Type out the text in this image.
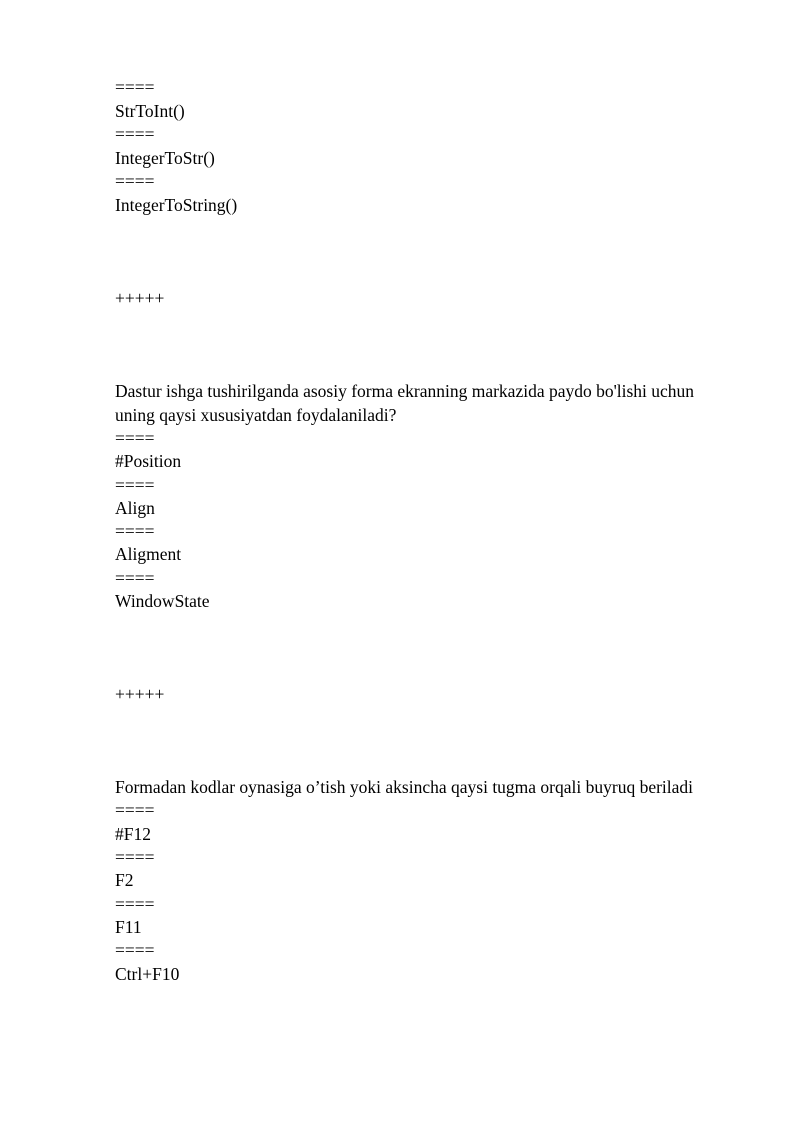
====
StrToInt()
====
IntegerToStr()
====
IntegerToString()
+++++
Dastur ishga tushirilganda asosiy forma ekranning markazida paydo bo'lishi uchun
uning qaysi xususiyatdan foydalaniladi?
====
#Position
====
Align
====
Aligment
====
WindowState
+++++
Formadan kodlar oynasiga o’tish yoki aksincha qaysi tugma orqali buyruq beriladi
====
#F12
====
F2
====
F11
====
Ctrl+F10
